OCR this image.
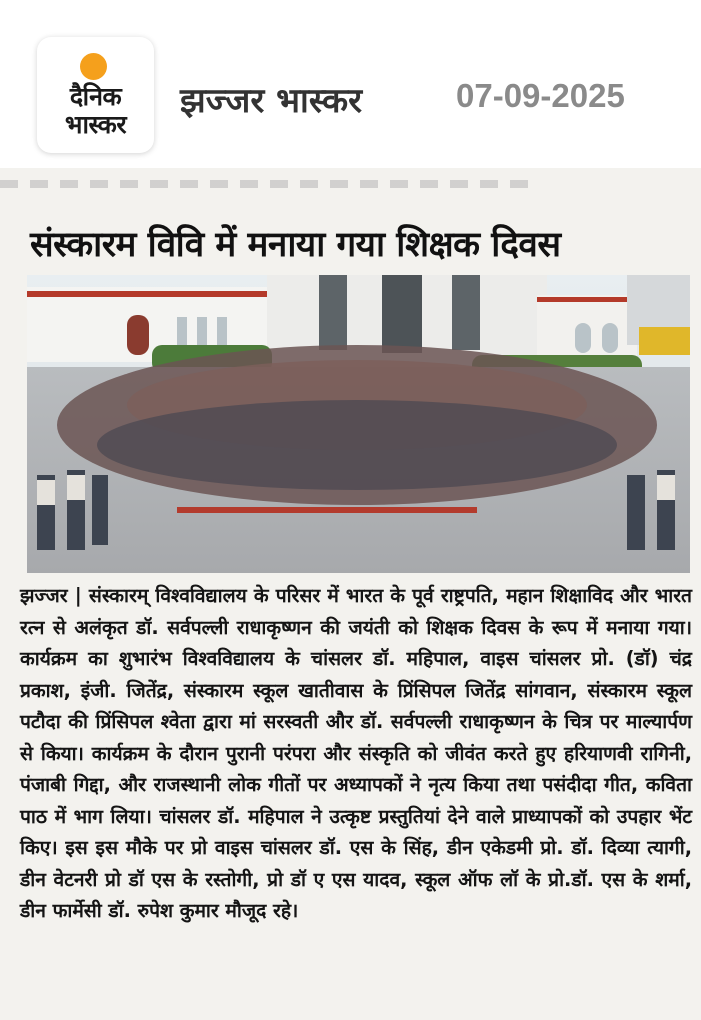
दैनिक
भास्कर
झज्जर भास्कर	07-09-2025
संस्कारम विवि में मनाया गया शिक्षक दिवस
झज्जर | संस्कारम् विश्वविद्यालय के परिसर में भारत के पूर्व राष्ट्रपति, महान शिक्षाविद और भारत रत्न से अलंकृत डॉ. सर्वपल्ली राधाकृष्णन की जयंती को शिक्षक दिवस के रूप में मनाया गया। कार्यक्रम का शुभारंभ विश्वविद्यालय के चांसलर डॉ. महिपाल, वाइस चांसलर प्रो. (डॉ) चंद्र प्रकाश, इंजी. जितेंद्र, संस्कारम स्कूल खातीवास के प्रिंसिपल जितेंद्र सांगवान, संस्कारम स्कूल पटौदा की प्रिंसिपल श्वेता द्वारा मां सरस्वती और डॉ. सर्वपल्ली राधाकृष्णन के चित्र पर माल्यार्पण से किया। कार्यक्रम के दौरान पुरानी परंपरा और संस्कृति को जीवंत करते हुए हरियाणवी रागिनी, पंजाबी गिद्दा, और राजस्थानी लोक गीतों पर अध्यापकों ने नृत्य किया तथा पसंदीदा गीत, कविता पाठ में भाग लिया। चांसलर डॉ. महिपाल ने उत्कृष्ट प्रस्तुतियां देने वाले प्राध्यापकों को उपहार भेंट किए। इस इस मौके पर प्रो वाइस चांसलर डॉ. एस के सिंह, डीन एकेडमी प्रो. डॉ. दिव्या त्यागी, डीन वेटनरी प्रो डॉ एस के रस्तोगी, प्रो डॉ ए एस यादव, स्कूल ऑफ लॉ के प्रो.डॉ. एस के शर्मा, डीन फार्मेसी डॉ. रुपेश कुमार मौजूद रहे।
